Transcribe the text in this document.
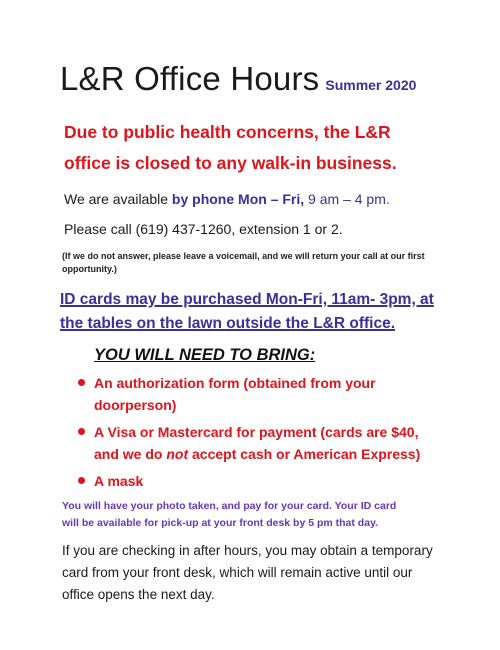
L&R Office Hours Summer 2020
Due to public health concerns, the L&R
office is closed to any walk-in business.
We are available by phone Mon – Fri, 9 am – 4 pm.
Please call (619) 437-1260, extension 1 or 2.
(If we do not answer, please leave a voicemail, and we will return your call at our first opportunity.)
ID cards may be purchased Mon-Fri, 11am- 3pm, at
the tables on the lawn outside the L&R office.
YOU WILL NEED TO BRING:
An authorization form (obtained from your
doorperson)
A Visa or Mastercard for payment (cards are $40,
and we do not accept cash or American Express)
A mask
You will have your photo taken, and pay for your card. Your ID card
will be available for pick-up at your front desk by 5 pm that day.
If you are checking in after hours, you may obtain a temporary
card from your front desk, which will remain active until our
office opens the next day.
